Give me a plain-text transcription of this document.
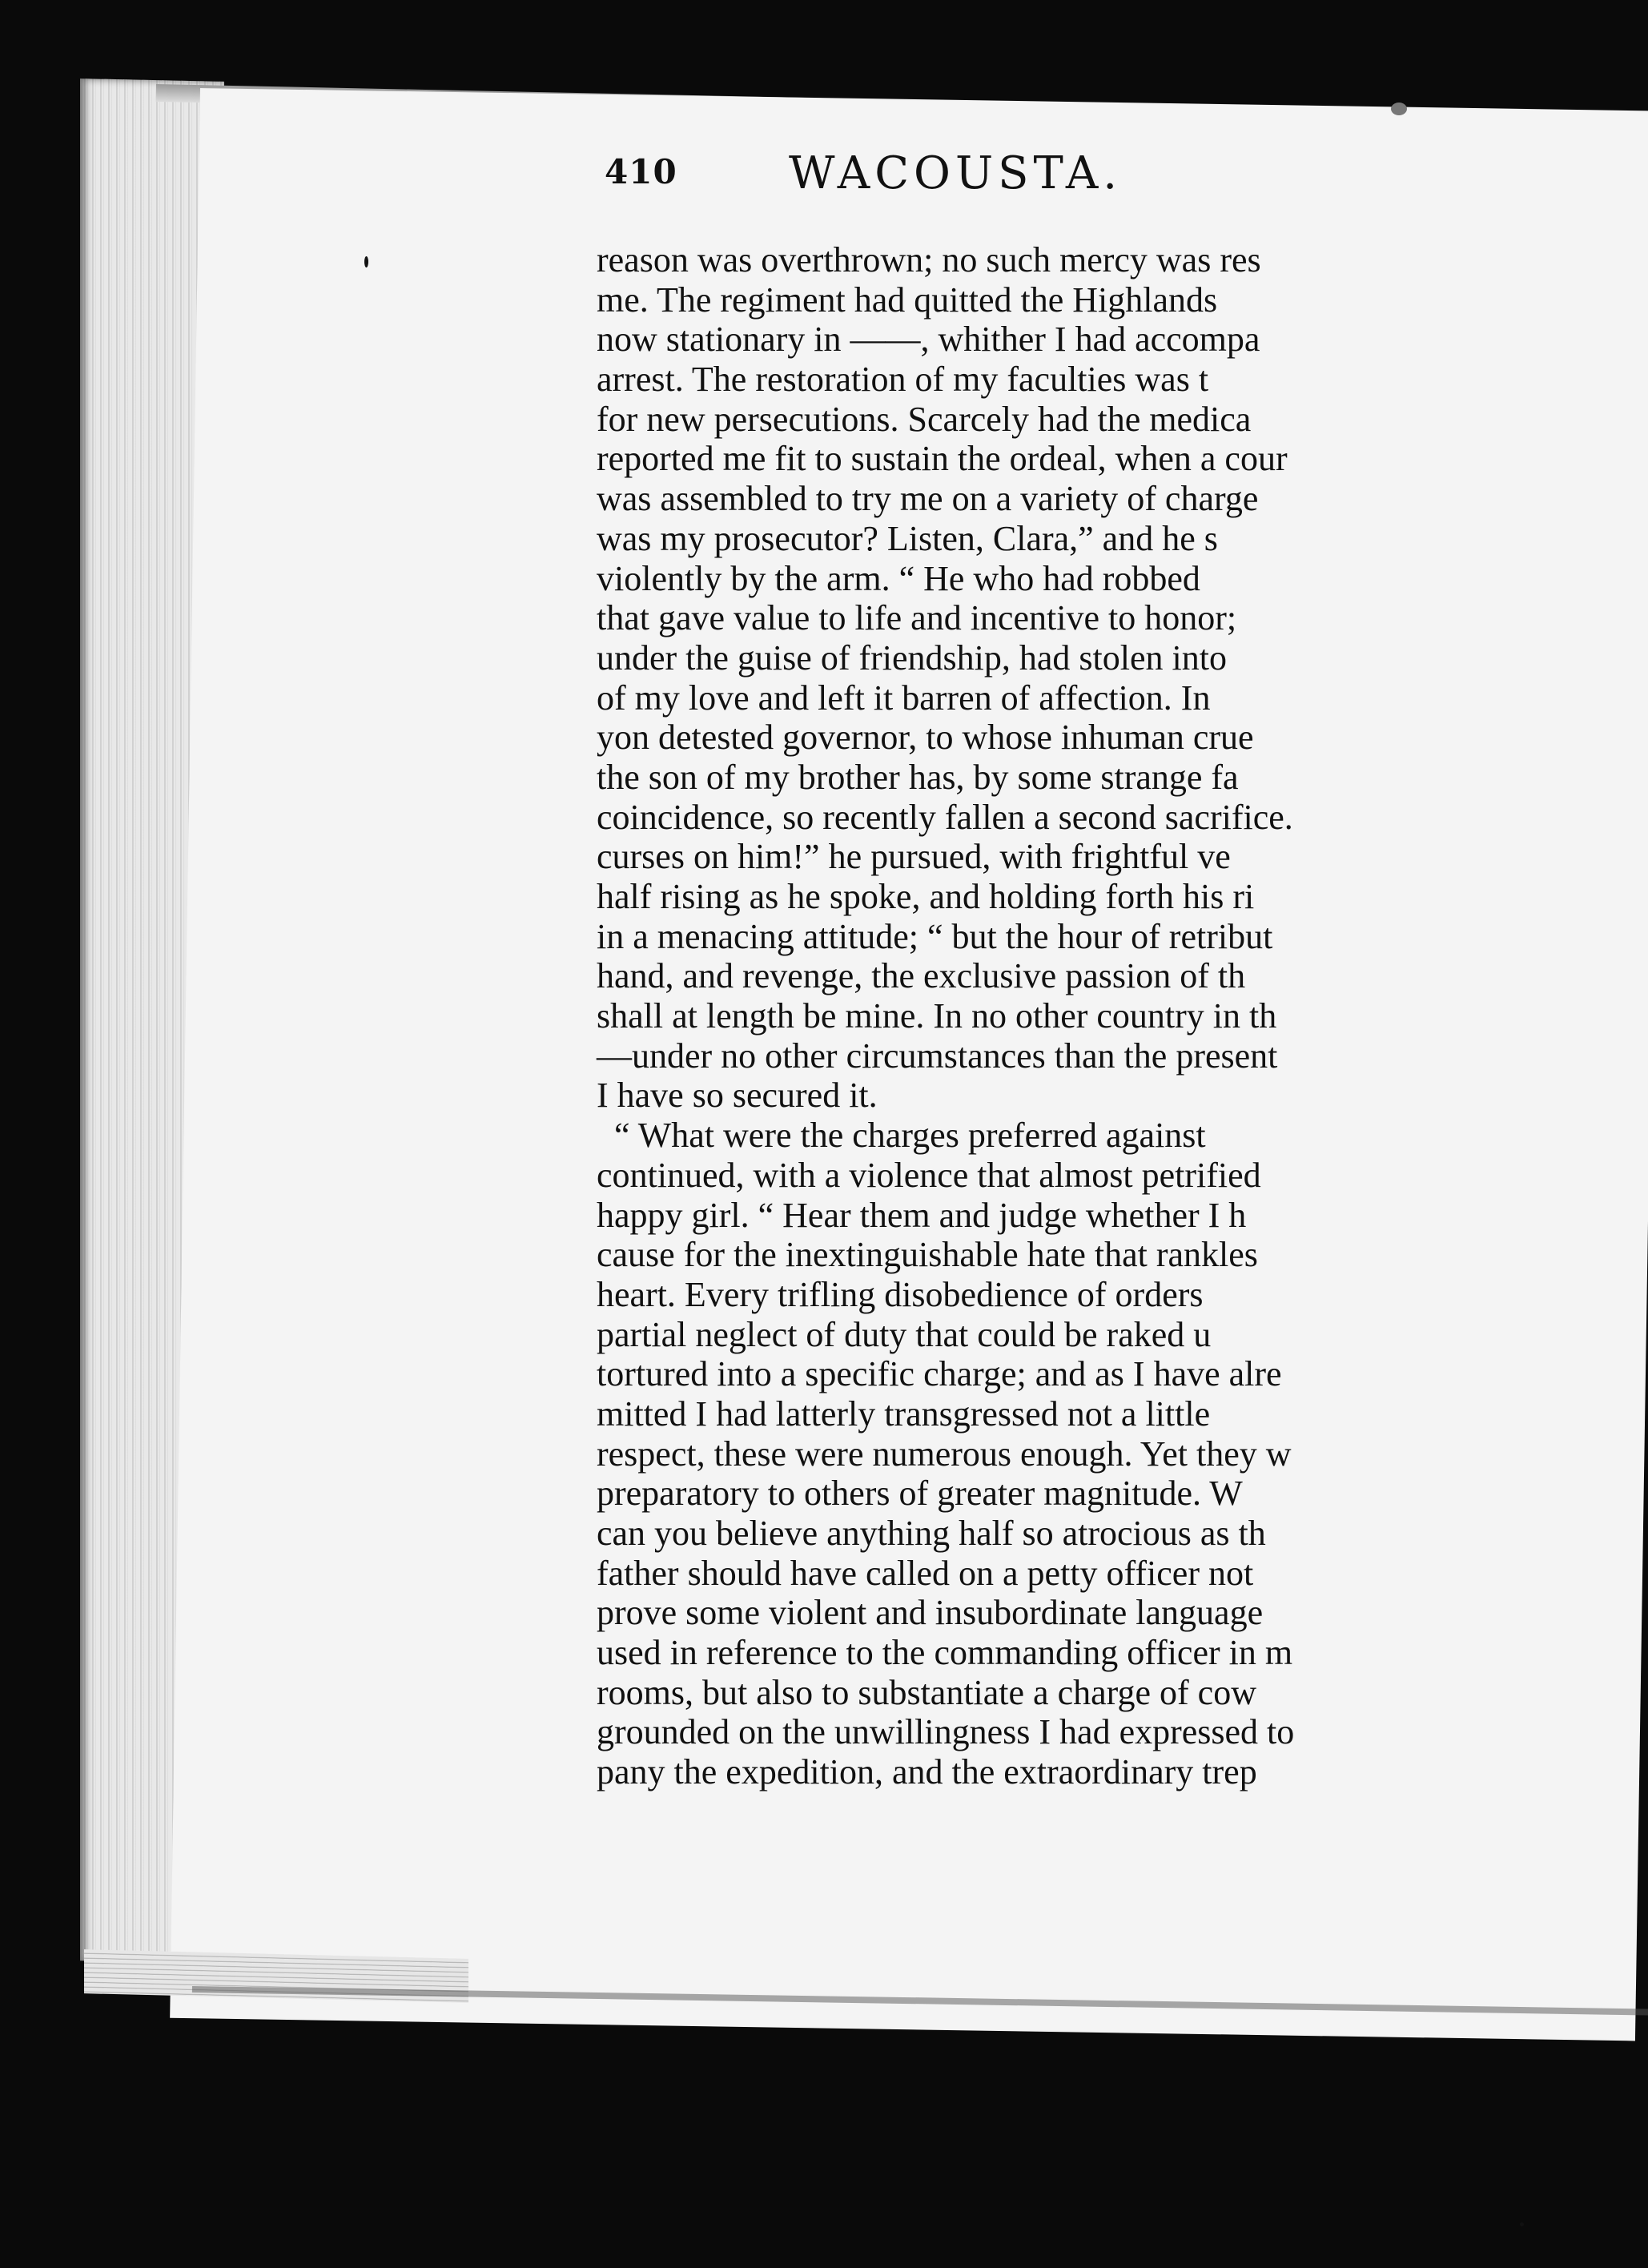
410 WACOUSTA.
reason was overthrown; no such mercy was res
me. The regiment had quitted the Highlands
now stationary in ——, whither I had accompa
arrest. The restoration of my faculties was t
for new persecutions. Scarcely had the medica
reported me fit to sustain the ordeal, when a cour
was assembled to try me on a variety of charge
was my prosecutor? Listen, Clara,” and he s
violently by the arm. “ He who had robbed
that gave value to life and incentive to honor;
under the guise of friendship, had stolen into
of my love and left it barren of affection. In
yon detested governor, to whose inhuman crue
the son of my brother has, by some strange fa
coincidence, so recently fallen a second sacrifice.
curses on him!” he pursued, with frightful ve
half rising as he spoke, and holding forth his ri
in a menacing attitude; “ but the hour of retribut
hand, and revenge, the exclusive passion of th
shall at length be mine. In no other country in th
—under no other circumstances than the present
I have so secured it.
“ What were the charges preferred against
continued, with a violence that almost petrified
happy girl. “ Hear them and judge whether I h
cause for the inextinguishable hate that rankles
heart. Every trifling disobedience of orders
partial neglect of duty that could be raked u
tortured into a specific charge; and as I have alre
mitted I had latterly transgressed not a little
respect, these were numerous enough. Yet they w
preparatory to others of greater magnitude. W
can you believe anything half so atrocious as th
father should have called on a petty officer not
prove some violent and insubordinate language
used in reference to the commanding officer in m
rooms, but also to substantiate a charge of cow
grounded on the unwillingness I had expressed to
pany the expedition, and the extraordinary trep
